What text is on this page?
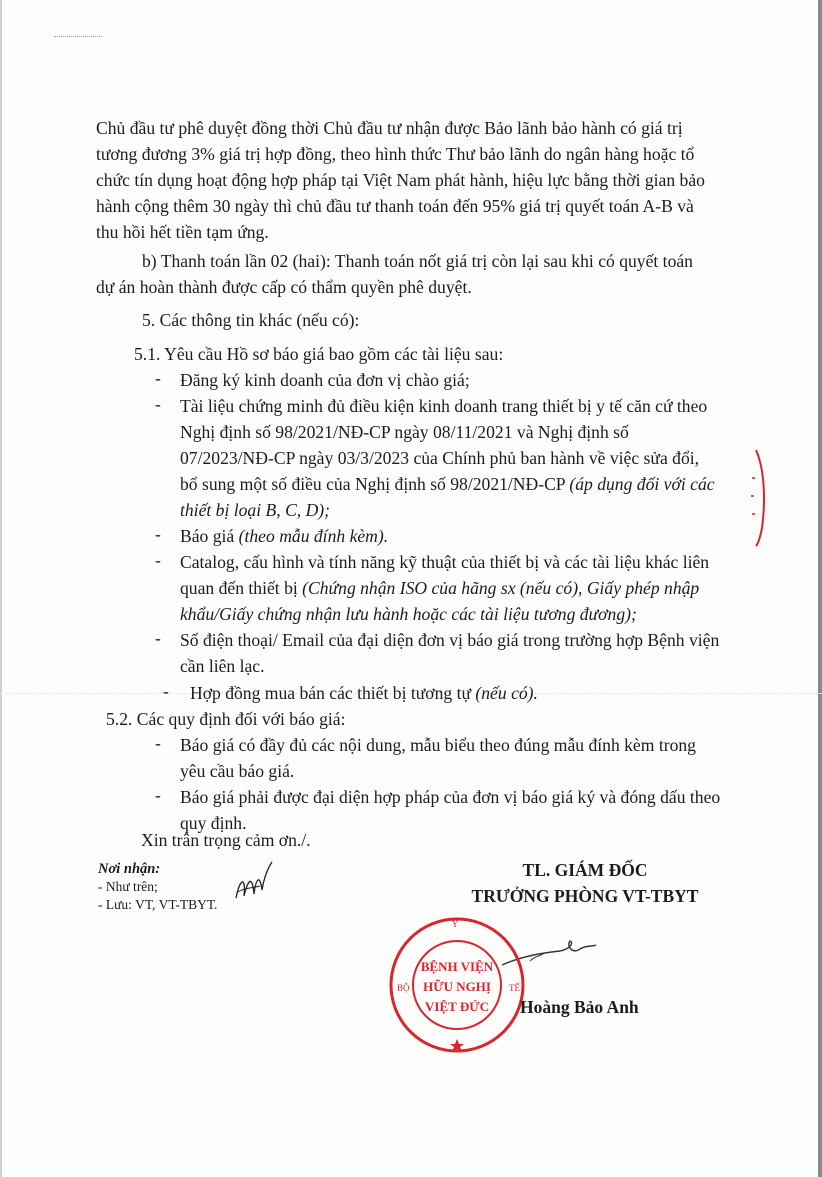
Chủ đầu tư phê duyệt đồng thời Chủ đầu tư nhận được Bảo lãnh bảo hành có giá trị
tương đương 3% giá trị hợp đồng, theo hình thức Thư bảo lãnh do ngân hàng hoặc tổ
chức tín dụng hoạt động hợp pháp tại Việt Nam phát hành, hiệu lực bằng thời gian bảo
hành cộng thêm 30 ngày thì chủ đầu tư thanh toán đến 95% giá trị quyết toán A-B và
thu hồi hết tiền tạm ứng.
b) Thanh toán lần 02 (hai): Thanh toán nốt giá trị còn lại sau khi có quyết toán
dự án hoàn thành được cấp có thẩm quyền phê duyệt.
5. Các thông tin khác (nếu có):
5.1. Yêu cầu Hồ sơ báo giá bao gồm các tài liệu sau:
- Đăng ký kinh doanh của đơn vị chào giá;
- Tài liệu chứng minh đủ điều kiện kinh doanh trang thiết bị y tế căn cứ theo
Nghị định số 98/2021/NĐ-CP ngày 08/11/2021 và Nghị định số
07/2023/NĐ-CP ngày 03/3/2023 của Chính phủ ban hành về việc sửa đổi,
bổ sung một số điều của Nghị định số 98/2021/NĐ-CP (áp dụng đối với các
thiết bị loại B, C, D);
- Báo giá (theo mẫu đính kèm).
- Catalog, cấu hình và tính năng kỹ thuật của thiết bị và các tài liệu khác liên
quan đến thiết bị (Chứng nhận ISO của hãng sx (nếu có), Giấy phép nhập
khẩu/Giấy chứng nhận lưu hành hoặc các tài liệu tương đương);
- Số điện thoại/ Email của đại diện đơn vị báo giá trong trường hợp Bệnh viện
cần liên lạc.
- Hợp đồng mua bán các thiết bị tương tự (nếu có).
5.2. Các quy định đối với báo giá:
- Báo giá có đầy đủ các nội dung, mẫu biểu theo đúng mẫu đính kèm trong
yêu cầu báo giá.
- Báo giá phải được đại diện hợp pháp của đơn vị báo giá ký và đóng dấu theo
quy định.
Xin trân trọng cảm ơn./.
Nơi nhận:
- Như trên;
- Lưu: VT, VT-TBYT.
TL. GIÁM ĐỐC
TRƯỞNG PHÒNG VT-TBYT
Y
BỘ	TẾ
BỆNH VIỆN
HỮU NGHỊ
VIỆT ĐỨC Hoàng Bảo Anh
